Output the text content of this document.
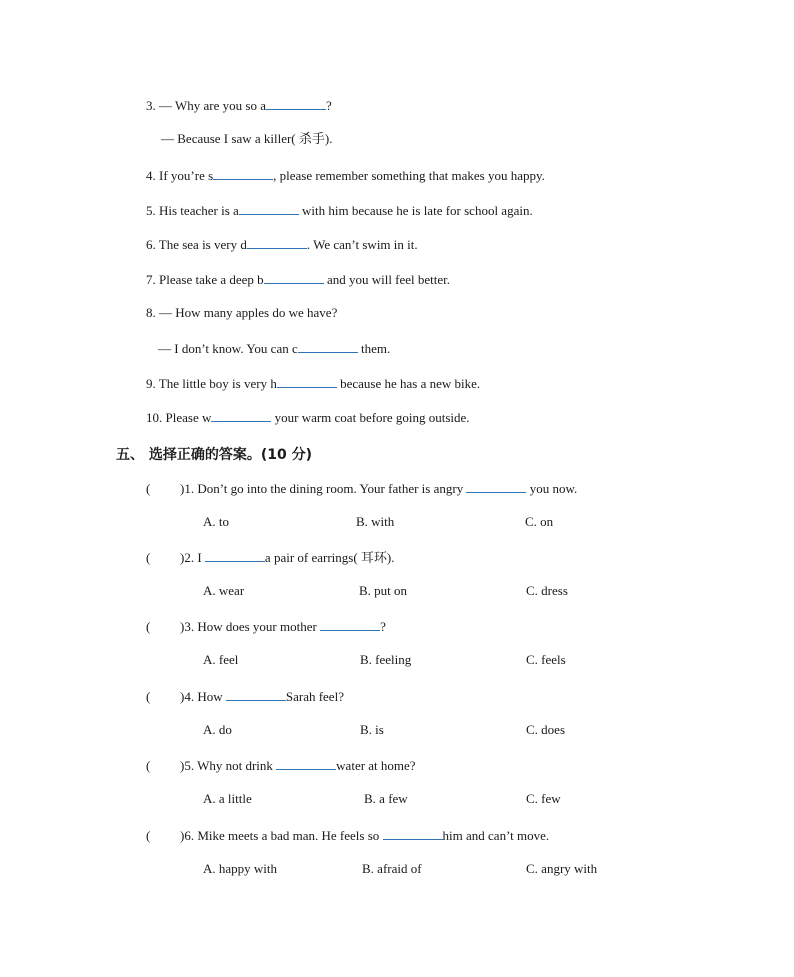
3. — Why are you so a	?
— Because I saw a killer( 杀手).
4. If you’re s	, please remember something that makes you happy.
5. His teacher is a	with him because he is late for school again.
6. The sea is very d	. We can’t swim in it.
7. Please take a deep b	and you will feel better.
8. — How many apples do we have?
— I don’t know. You can c	them.
9. The little boy is very h	because he has a new bike.
10. Please w	your warm coat before going outside.
五、 选择正确的答案。(10 分)
( )1. Don’t go into the dining room. Your father is angry	you now.
A. to	B. with	C. on
( )2. I	a pair of earrings( 耳环).
A. wear	B. put on	C. dress
( )3. How does your mother	?
A. feel	B. feeling	C. feels
( )4. How	Sarah feel?
A. do	B. is	C. does
( )5. Why not drink	water at home?
A. a little	B. a few	C. few
( )6. Mike meets a bad man. He feels so	him and can’t move.
A. happy with	B. afraid of	C. angry with
